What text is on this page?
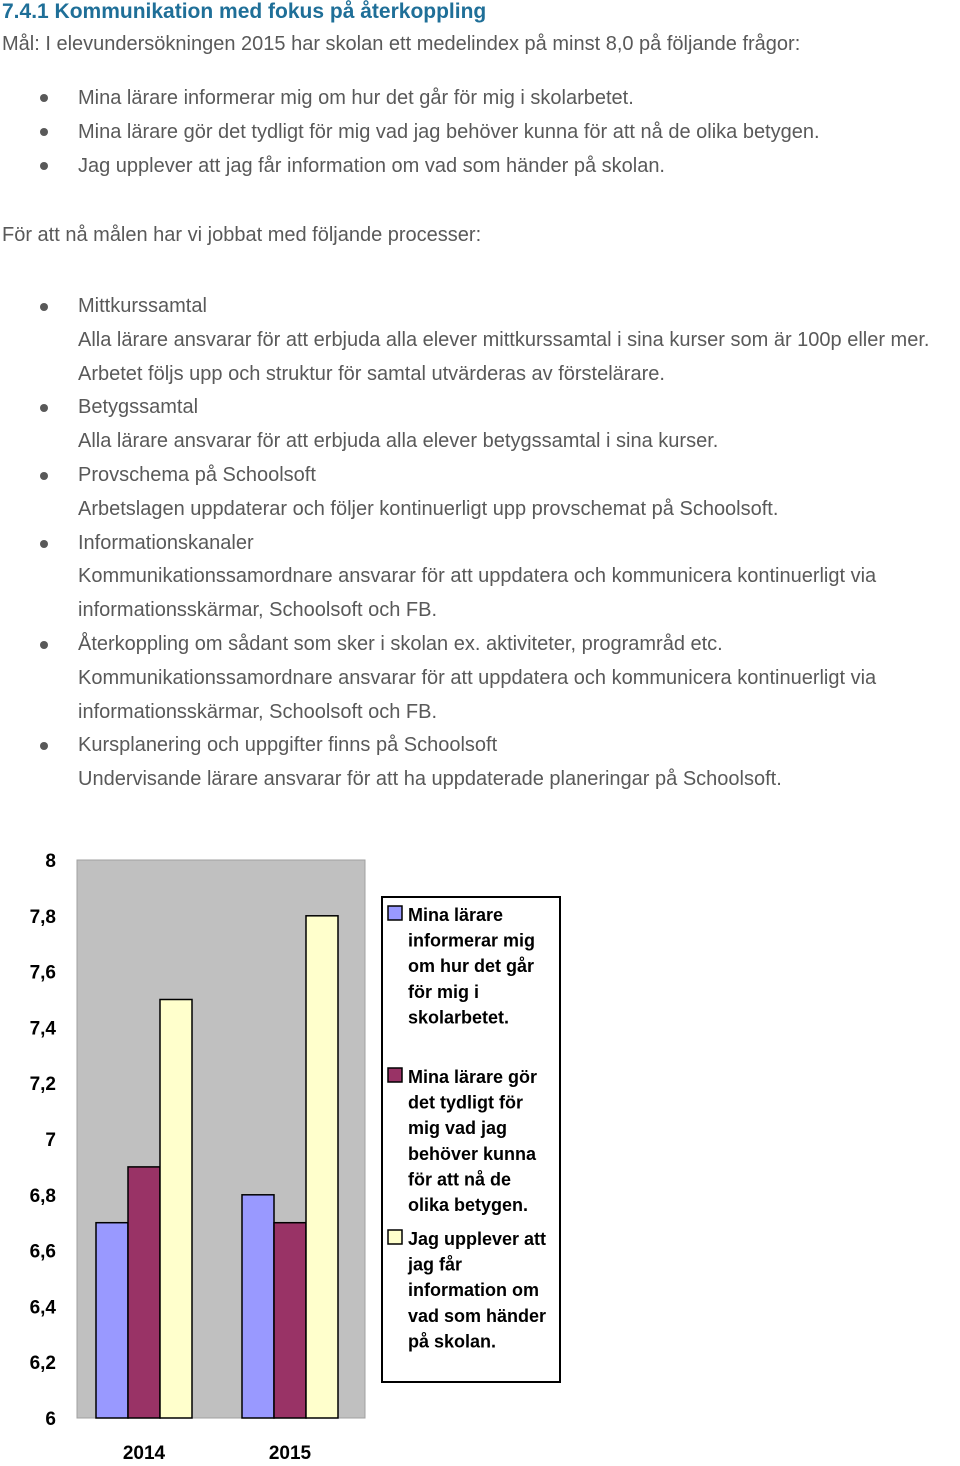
7.4.1 Kommunikation med fokus på återkoppling
Mål: I elevundersökningen 2015 har skolan ett medelindex på minst 8,0 på följande frågor:
Mina lärare informerar mig om hur det går för mig i skolarbetet.
Mina lärare gör det tydligt för mig vad jag behöver kunna för att nå de olika betygen.
Jag upplever att jag får information om vad som händer på skolan.
För att nå målen har vi jobbat med följande processer:
Mittkurssamtal
Alla lärare ansvarar för att erbjuda alla elever mittkurssamtal i sina kurser som är 100p eller mer. Arbetet följs upp och struktur för samtal utvärderas av förstelärare.
Betygssamtal
Alla lärare ansvarar för att erbjuda alla elever betygssamtal i sina kurser.
Provschema på Schoolsoft
Arbetslagen uppdaterar och följer kontinuerligt upp provschemat på Schoolsoft.
Informationskanaler
Kommunikationssamordnare ansvarar för att uppdatera och kommunicera kontinuerligt via informationsskärmar, Schoolsoft och FB.
Återkoppling om sådant som sker i skolan ex. aktiviteter, programråd etc.
Kommunikationssamordnare ansvarar för att uppdatera och kommunicera kontinuerligt via informationsskärmar, Schoolsoft och FB.
Kursplanering och uppgifter finns på Schoolsoft
Undervisande lärare ansvarar för att ha uppdaterade planeringar på Schoolsoft.
8
7,8
7,6
7,4
7,2
7
6,8
6,6
6,4
6,2
6
2014	2015
Mina lärare informerar mig om hur det går för mig i skolarbetet.
Mina lärare gör det tydligt för mig vad jag behöver kunna för att nå de olika betygen.
Jag upplever att jag får information om vad som händer på skolan.
